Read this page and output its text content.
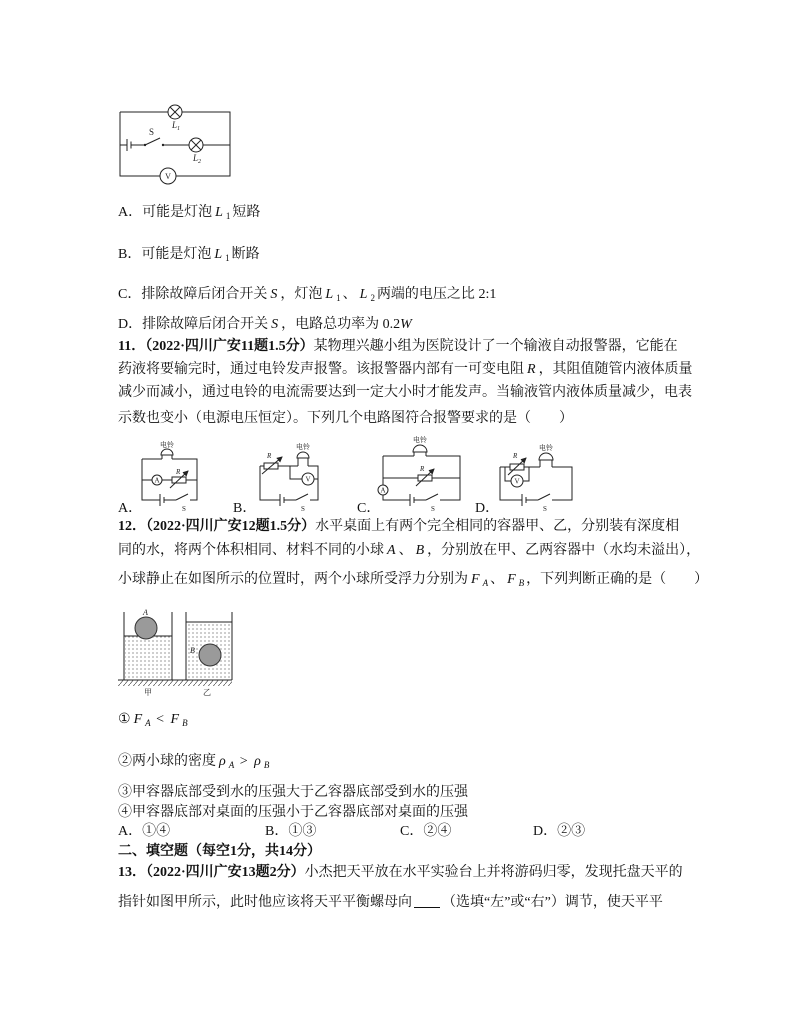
V
$L_1$
S
$L_2$
电铃
A
R
S
R
电铃
V
S
电铃
R
A
S
R
电铃
V
S
A
B
甲	乙
A．可能是灯泡 L $_1$ 短路
B．可能是灯泡 L $_1$ 断路
C．排除故障后闭合开关 S ，灯泡 L $_1$ 、 L $_2$ 两端的电压之比 2:1
D．排除故障后闭合开关 S ，电路总功率为 0.2W
11．（2022·四川广安11题1.5分）某物理兴趣小组为医院设计了一个输液自动报警器，它能在
药液将要输完时，通过电铃发声报警。该报警器内部有一可变电阻 R ，其阻值随管内液体质量
减少而减小，通过电铃的电流需要达到一定大小时才能发声。当输液管内液体质量减少，电表
示数也变小（电源电压恒定）。下列几个电路图符合报警要求的是（　　）
A．	B．	C．	D．
12．（2022·四川广安12题1.5分）水平桌面上有两个完全相同的容器甲、乙，分别装有深度相
同的水，将两个体积相同、材料不同的小球 A 、 B ，分别放在甲、乙两容器中（水均未溢出），
小球静止在如图所示的位置时，两个小球所受浮力分别为 F $_A$ 、 F $_B$ ，下列判断正确的是（　　）
① F $_A$ < F $_B$
②两小球的密度 ρ $_A$ > ρ $_B$
③甲容器底部受到水的压强大于乙容器底部受到水的压强
④甲容器底部对桌面的压强小于乙容器底部对桌面的压强
A．①④	B．①③	C．②④	D．②③
二、填空题（每空1分，共14分）
13．（2022·四川广安13题2分）小杰把天平放在水平实验台上并将游码归零，发现托盘天平的
指针如图甲所示，此时他应该将天平平衡螺母向 （选填“左”或“右”）调节，使天平平
